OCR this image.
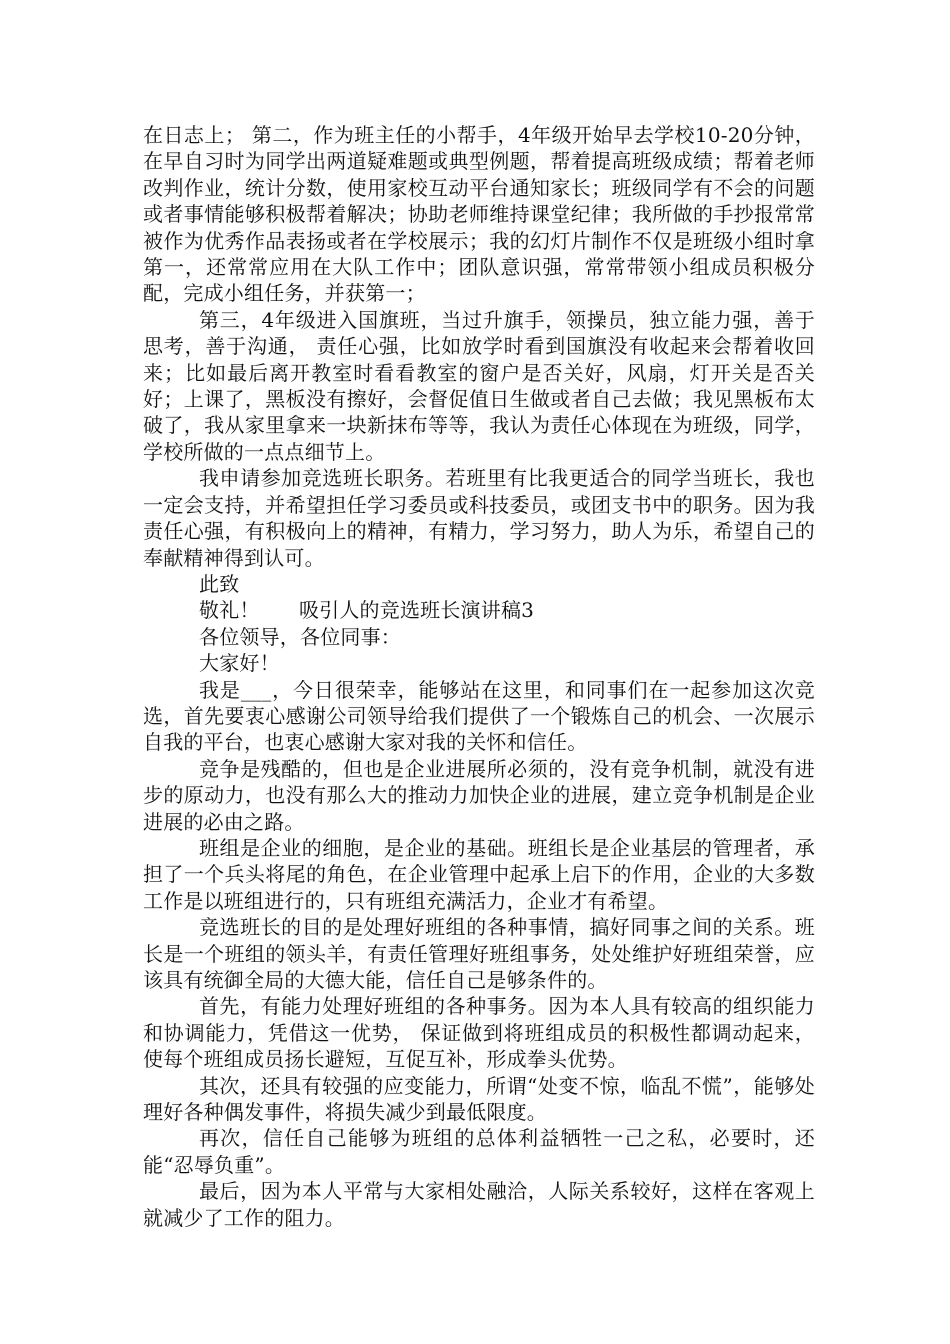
在日志上； 第二，作为班主任的小帮手，4年级开始早去学校10-20分钟，在早自习时为同学出两道疑难题或典型例题，帮着提高班级成绩；帮着老师改判作业，统计分数，使用家校互动平台通知家长；班级同学有不会的问题或者事情能够积极帮着解决；协助老师维持课堂纪律；我所做的手抄报常常被作为优秀作品表扬或者在学校展示；我的幻灯片制作不仅是班级小组时拿第一，还常常应用在大队工作中；团队意识强，常常带领小组成员积极分配，完成小组任务，并获第一；

第三，4年级进入国旗班，当过升旗手，领操员，独立能力强，善于思考，善于沟通， 责任心强，比如放学时看到国旗没有收起来会帮着收回来；比如最后离开教室时看看教室的窗户是否关好，风扇，灯开关是否关好；上课了，黑板没有擦好，会督促值日生做或者自己去做；我见黑板布太破了，我从家里拿来一块新抹布等等，我认为责任心体现在为班级，同学，学校所做的一点点细节上。

我申请参加竞选班长职务。若班里有比我更适合的同学当班长，我也一定会支持，并希望担任学习委员或科技委员，或团支书中的职务。因为我责任心强，有积极向上的精神，有精力，学习努力，助人为乐，希望自己的奉献精神得到认可。

此致

敬礼！      吸引人的竞选班长演讲稿3

各位领导，各位同事：

大家好！

我是___，今日很荣幸，能够站在这里，和同事们在一起参加这次竞选，首先要衷心感谢公司领导给我们提供了一个锻炼自己的机会、一次展示自我的平台，也衷心感谢大家对我的关怀和信任。

竞争是残酷的，但也是企业进展所必须的，没有竞争机制，就没有进步的原动力，也没有那么大的推动力加快企业的进展，建立竞争机制是企业进展的必由之路。

班组是企业的细胞，是企业的基础。班组长是企业基层的管理者，承担了一个兵头将尾的角色，在企业管理中起承上启下的作用，企业的大多数工作是以班组进行的，只有班组充满活力，企业才有希望。

竞选班长的目的是处理好班组的各种事情，搞好同事之间的关系。班长是一个班组的领头羊，有责任管理好班组事务，处处维护好班组荣誉，应该具有统御全局的大德大能，信任自己是够条件的。

首先，有能力处理好班组的各种事务。因为本人具有较高的组织能力和协调能力，凭借这一优势， 保证做到将班组成员的积极性都调动起来，使每个班组成员扬长避短，互促互补，形成拳头优势。

其次，还具有较强的应变能力，所谓“处变不惊，临乱不慌”，能够处理好各种偶发事件，将损失减少到最低限度。

再次，信任自己能够为班组的总体利益牺牲一己之私，必要时，还能“忍辱负重”。

最后，因为本人平常与大家相处融洽，人际关系较好，这样在客观上就减少了工作的阻力。
